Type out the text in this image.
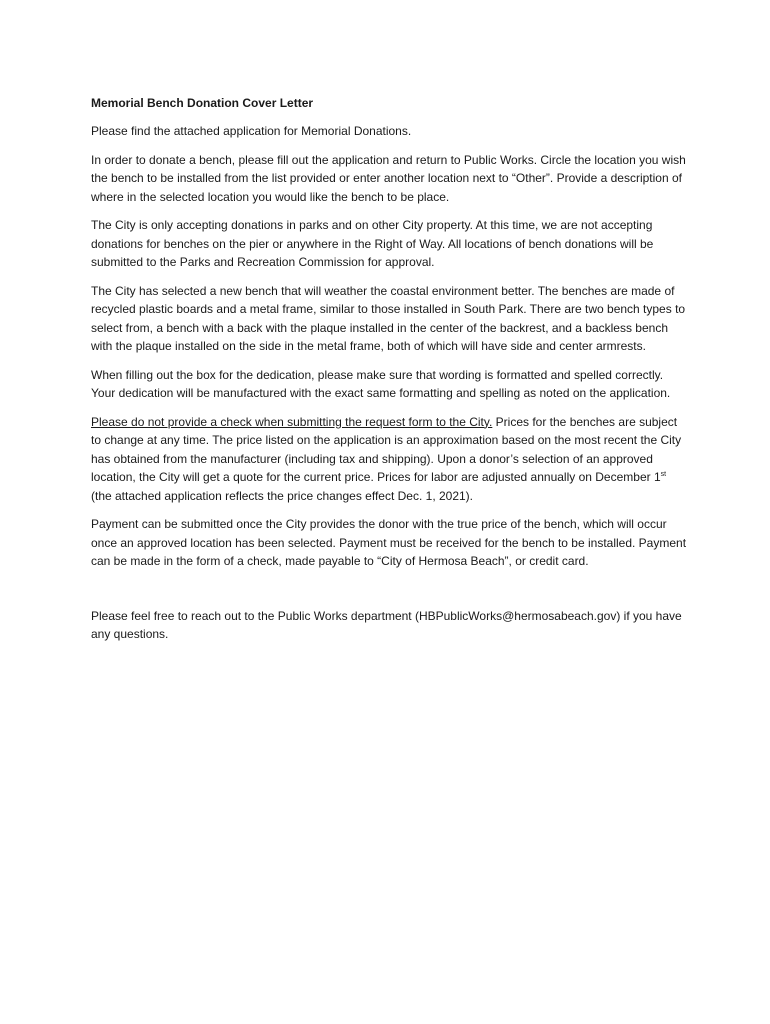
Memorial Bench Donation Cover Letter

Please find the attached application for Memorial Donations.

In order to donate a bench, please fill out the application and return to Public Works. Circle the location you wish the bench to be installed from the list provided or enter another location next to “Other”. Provide a description of where in the selected location you would like the bench to be place.

The City is only accepting donations in parks and on other City property. At this time, we are not accepting donations for benches on the pier or anywhere in the Right of Way. All locations of bench donations will be submitted to the Parks and Recreation Commission for approval.

The City has selected a new bench that will weather the coastal environment better. The benches are made of recycled plastic boards and a metal frame, similar to those installed in South Park. There are two bench types to select from, a bench with a back with the plaque installed in the center of the backrest, and a backless bench with the plaque installed on the side in the metal frame, both of which will have side and center armrests.

When filling out the box for the dedication, please make sure that wording is formatted and spelled correctly. Your dedication will be manufactured with the exact same formatting and spelling as noted on the application.

Please do not provide a check when submitting the request form to the City. Prices for the benches are subject to change at any time. The price listed on the application is an approximation based on the most recent the City has obtained from the manufacturer (including tax and shipping). Upon a donor’s selection of an approved location, the City will get a quote for the current price. Prices for labor are adjusted annually on December 1st (the attached application reflects the price changes effect Dec. 1, 2021).

Payment can be submitted once the City provides the donor with the true price of the bench, which will occur once an approved location has been selected. Payment must be received for the bench to be installed. Payment can be made in the form of a check, made payable to “City of Hermosa Beach”, or credit card.

Please feel free to reach out to the Public Works department (HBPublicWorks@hermosabeach.gov) if you have any questions.
